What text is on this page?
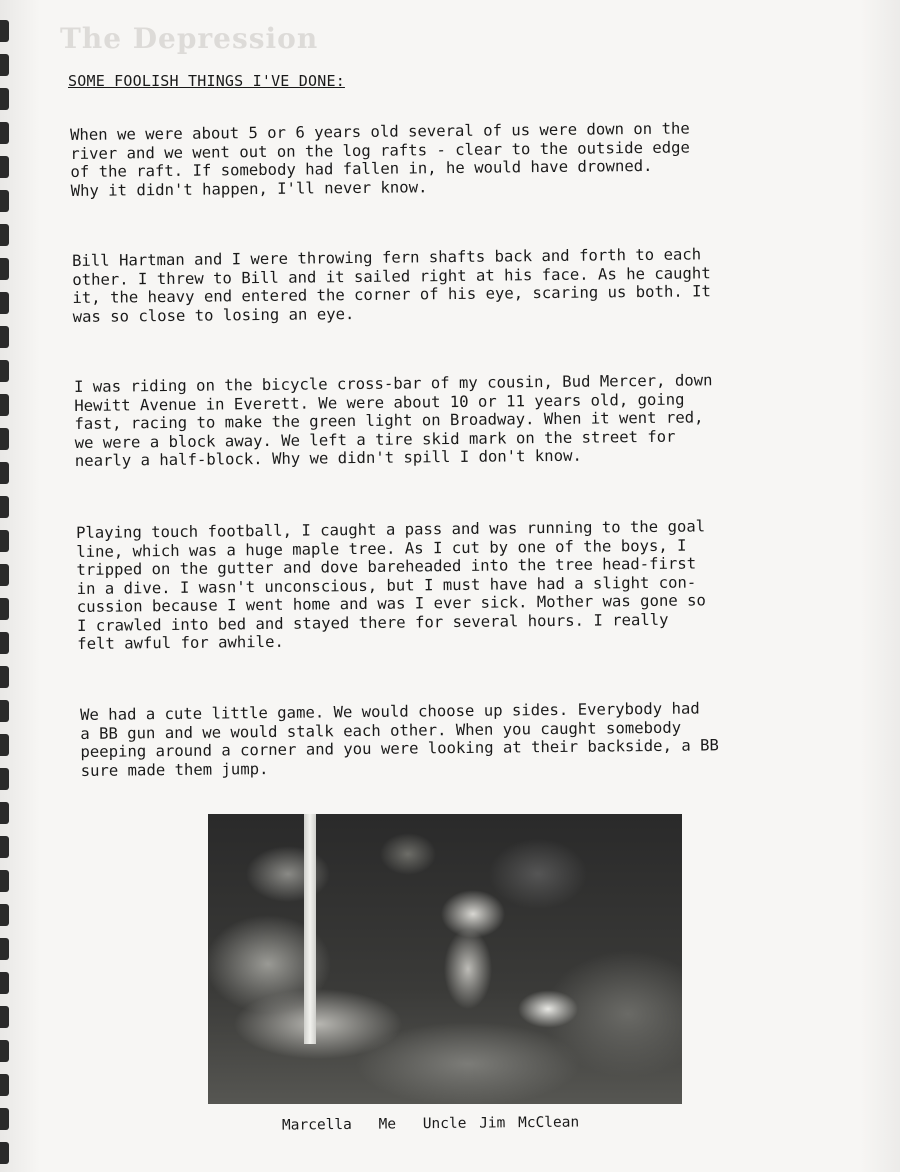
The Depression
SOME FOOLISH THINGS I'VE DONE:
When we were about 5 or 6 years old several of us were down on the
river and we went out on the log rafts - clear to the outside edge
of the raft. If somebody had fallen in, he would have drowned.
Why it didn't happen, I'll never know.
Bill Hartman and I were throwing fern shafts back and forth to each
other. I threw to Bill and it sailed right at his face. As he caught
it, the heavy end entered the corner of his eye, scaring us both. It
was so close to losing an eye.
I was riding on the bicycle cross-bar of my cousin, Bud Mercer, down
Hewitt Avenue in Everett. We were about 10 or 11 years old, going
fast, racing to make the green light on Broadway. When it went red,
we were a block away. We left a tire skid mark on the street for
nearly a half-block. Why we didn't spill I don't know.
Playing touch football, I caught a pass and was running to the goal
line, which was a huge maple tree. As I cut by one of the boys, I
tripped on the gutter and dove bareheaded into the tree head-first
in a dive. I wasn't unconscious, but I must have had a slight con-
cussion because I went home and was I ever sick. Mother was gone so
I crawled into bed and stayed there for several hours. I really
felt awful for awhile.
We had a cute little game. We would choose up sides. Everybody had
a BB gun and we would stalk each other. When you caught somebody
peeping around a corner and you were looking at their backside, a BB
sure made them jump.
Marcella Me Uncle Jim McClean
